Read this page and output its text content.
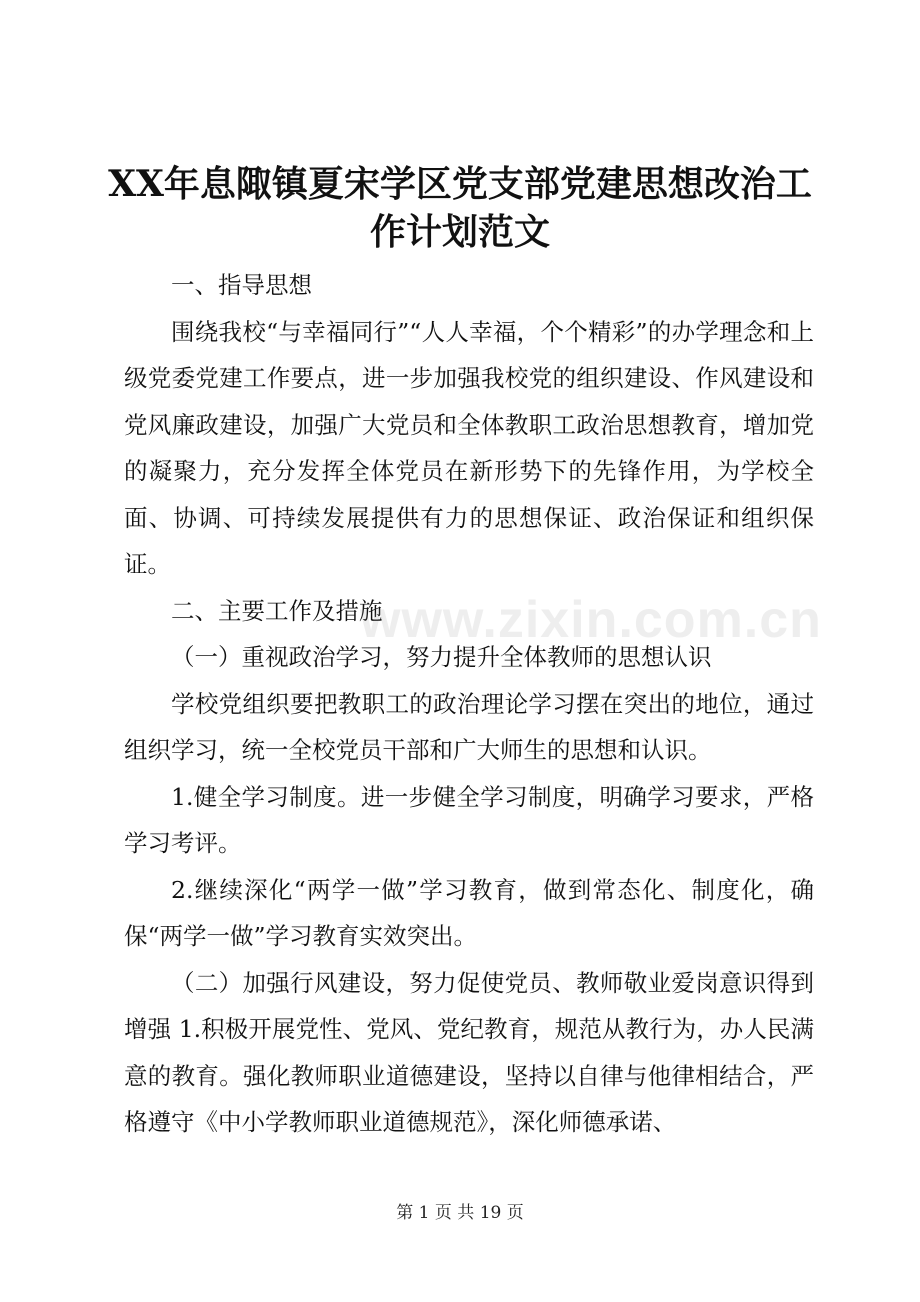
XX年息陬镇夏宋学区党支部党建思想改治工作计划范文

一、指导思想

围绕我校“与幸福同行”“人人幸福，个个精彩”的办学理念和上级党委党建工作要点，进一步加强我校党的组织建设、作风建设和党风廉政建设，加强广大党员和全体教职工政治思想教育，增加党的凝聚力，充分发挥全体党员在新形势下的先锋作用，为学校全面、协调、可持续发展提供有力的思想保证、政治保证和组织保证。

二、主要工作及措施

（一）重视政治学习，努力提升全体教师的思想认识

学校党组织要把教职工的政治理论学习摆在突出的地位，通过组织学习，统一全校党员干部和广大师生的思想和认识。

1.健全学习制度。进一步健全学习制度，明确学习要求，严格学习考评。

2.继续深化“两学一做”学习教育，做到常态化、制度化，确保“两学一做”学习教育实效突出。

（二）加强行风建设，努力促使党员、教师敬业爱岗意识得到增强 1.积极开展党性、党风、党纪教育，规范从教行为，办人民满意的教育。强化教师职业道德建设，坚持以自律与他律相结合，严格遵守《中小学教师职业道德规范》，深化师德承诺、

www.zixin.com.cn
第 1 页 共 19 页
